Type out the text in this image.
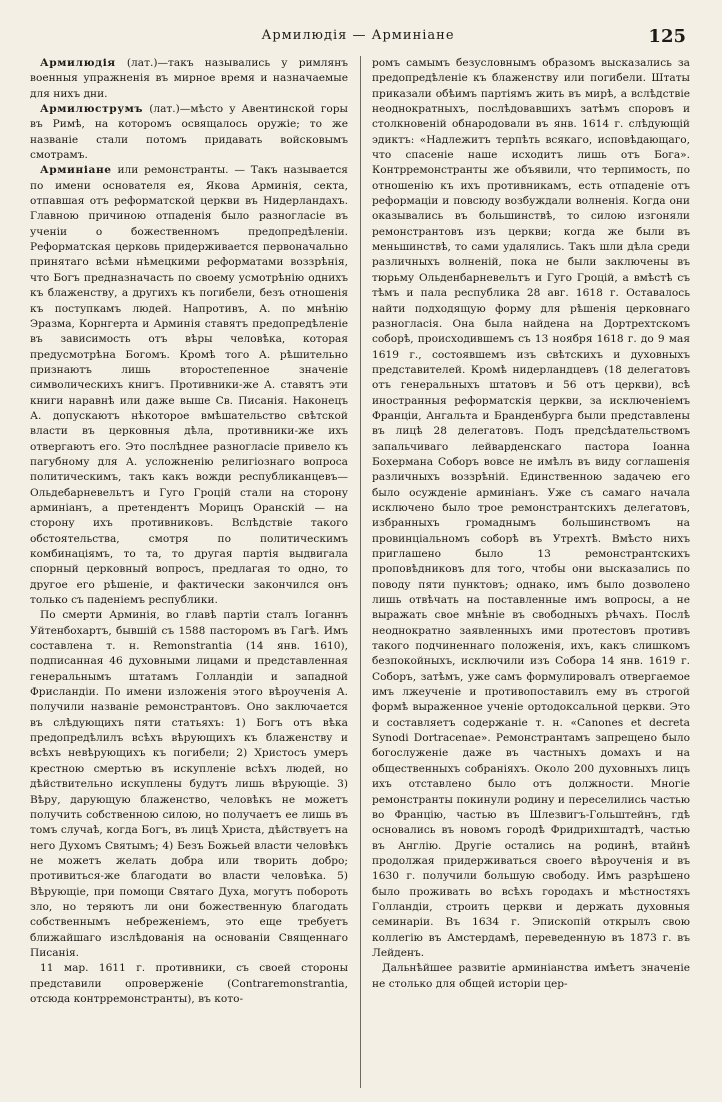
Армилюдія — Арминіане	125

Армилюдія (лат.)—такъ назывались у римлянъ военныя упражненія въ мирное время и назначаемые для нихъ дни.

Армилюструмъ (лат.)—мѣсто у Авентинской горы въ Римѣ, на которомъ освящалось оружіе; то же названіе стали потомъ придавать войсковымъ смотрамъ.

Арминіане или ремонстранты. — Такъ называется по имени основателя ея, Якова Арминія, секта, отпавшая отъ реформатской церкви въ Нидерландахъ. Главною причиною отпаденія было разногласіе въ ученіи о божественномъ предопредѣленіи. Реформатская церковь придерживается первоначально принятаго всѣми нѣмецкими реформатами воззрѣнія, что Богъ предназначасть по своему усмотрѣнію однихъ къ блаженству, а другихъ къ погибели, безъ отношенія къ поступкамъ людей. Напротивъ, А. по мнѣнію Эразма, Корнгерта и Арминія ставятъ предопредѣленіе въ зависимость отъ вѣры человѣка, которая предусмотрѣна Богомъ. Кромѣ того А. рѣшительно признаютъ лишь второстепенное значеніе символическихъ книгъ. Противники-же А. ставятъ эти книги наравнѣ или даже выше Св. Писанія. Наконецъ А. допускаютъ нѣкоторое вмѣшательство свѣтской власти въ церковныя дѣла, противники-же ихъ отвергаютъ его. Это послѣднее разногласіе привело къ пагубному для А. усложненію религіознаго вопроса политическимъ, такъ какъ вожди республиканцевъ—Ольдебарневельтъ и Гуго Гроцій стали на сторону арминіанъ, а претендентъ Морицъ Оранскій — на сторону ихъ противниковъ. Вслѣдствіе такого обстоятельства, смотря по политическимъ комбинаціямъ, то та, то другая партія выдвигала спорный церковный вопросъ, предлагая то одно, то другое его рѣшеніе, и фактически закончился онъ только съ паденіемъ республики.

По смерти Арминія, во главѣ партіи сталъ Іоганнъ Уйтенбохартъ, бывшій съ 1588 пасторомъ въ Гагѣ. Имъ составлена т. н. Remonstrantia (14 янв. 1610), подписанная 46 духовными лицами и представленная генеральнымъ штатамъ Голландіи и западной Фрисландіи. По имени изложенія этого вѣроученія А. получили названіе ремонстрантовъ. Оно заключается въ слѣдующихъ пяти статьяхъ: 1) Богъ отъ вѣка предопредѣлилъ всѣхъ вѣрующихъ къ блаженству и всѣхъ невѣрующихъ къ погибели; 2) Христосъ умеръ крестною смертью въ искупленіе всѣхъ людей, но дѣйствительно искуплены будутъ лишь вѣрующіе. 3) Вѣру, дарующую блаженство, человѣкъ не можетъ получить собственною силою, но получаетъ ее лишь въ томъ случаѣ, когда Богъ, въ лицѣ Христа, дѣйствуетъ на него Духомъ Святымъ; 4) Безъ Божьей власти человѣкъ не можетъ желать добра или творить добро; противиться-же благодати во власти человѣка. 5) Вѣрующіе, при помощи Святаго Духа, могутъ побороть зло, но теряютъ ли они божественную благодать собственнымъ небреженіемъ, это еще требуетъ ближайшаго изслѣдованія на основаніи Священнаго Писанія.

11 мар. 1611 г. противники, съ своей стороны представили опроверженіе (Contraremonstrantia, отсюда контрремонстранты), въ кото-

ромъ самымъ безусловнымъ образомъ высказались за предопредѣленіе къ блаженству или погибели. Штаты приказали обѣимъ партіямъ жить въ мирѣ, а вслѣдствіе неоднократныхъ, послѣдовавшихъ затѣмъ споровъ и столкновеній обнародовали въ янв. 1614 г. слѣдующій эдиктъ: «Надлежитъ терпѣть всякаго, исповѣдающаго, что спасеніе наше исходитъ лишь отъ Бога». Контрремонстранты же объявили, что терпимость, по отношенію къ ихъ противникамъ, есть отпаденіе отъ реформаціи и повсюду возбуждали волненія. Когда они оказывались въ большинствѣ, то силою изгоняли ремонстрантовъ изъ церкви; когда же были въ меньшинствѣ, то сами удалялись. Такъ шли дѣла среди различныхъ волненій, пока не были заключены въ тюрьму Ольденбарневельтъ и Гуго Гроцій, а вмѣстѣ съ тѣмъ и пала республика 28 авг. 1618 г. Оставалось найти подходящую форму для рѣшенія церковнаго разногласія. Она была найдена на Дортрехтскомъ соборѣ, происходившемъ съ 13 ноября 1618 г. до 9 мая 1619 г., состоявшемъ изъ свѣтскихъ и духовныхъ представителей. Кромѣ нидерландцевъ (18 делегатовъ отъ генеральныхъ штатовъ и 56 отъ церкви), всѣ иностранныя реформатскія церкви, за исключеніемъ Франціи, Ангальта и Бранденбурга были представлены въ лицѣ 28 делегатовъ. Подъ предсѣдательствомъ запальчиваго лейварденскаго пастора Іоанна Бохермана Соборъ вовсе не имѣлъ въ виду соглашенія различныхъ воззрѣній. Единственною задачею его было осужденіе арминіанъ. Уже съ самаго начала исключено было трое ремонстрантскихъ делегатовъ, избранныхъ громаднымъ большинствомъ на провинціальномъ соборѣ въ Утрехтѣ. Вмѣсто нихъ приглашено было 13 ремонстрантскихъ проповѣдниковъ для того, чтобы они высказались по поводу пяти пунктовъ; однако, имъ было дозволено лишь отвѣчать на поставленные имъ вопросы, а не выражать свое мнѣніе въ свободныхъ рѣчахъ. Послѣ неоднократно заявленныхъ ими протестовъ противъ такого подчиненнаго положенія, ихъ, какъ слишкомъ безпокойныхъ, исключили изъ Собора 14 янв. 1619 г. Соборъ, затѣмъ, уже самъ формулировалъ отвергаемое имъ лжеученіе и противопоставилъ ему въ строгой формѣ выраженное ученіе ортодоксальной церкви. Это и составляетъ содержаніе т. н. «Canones et decreta Synodi Dortracenae». Ремонстрантамъ запрещено было богослуженіе даже въ частныхъ домахъ и на общественныхъ собраніяхъ. Около 200 духовныхъ лицъ ихъ отставлено было отъ должности. Многіе ремонстранты покинули родину и переселились частью во Францію, частью въ Шлезвигъ-Гольштейнъ, гдѣ основались въ новомъ городѣ Фридрихштадтѣ, частью въ Англію. Другіе остались на родинѣ, втайнѣ продолжая придерживаться своего вѣроученія и въ 1630 г. получили большую свободу. Имъ разрѣшено было проживать во всѣхъ городахъ и мѣстностяхъ Голландіи, строить церкви и держать духовныя семинаріи. Въ 1634 г. Эпископій открылъ свою коллегію въ Амстердамѣ, переведенную въ 1873 г. въ Лейденъ.

Дальнѣйшее развитіе арминіанства имѣетъ значеніе не столько для общей исторіи цер-
